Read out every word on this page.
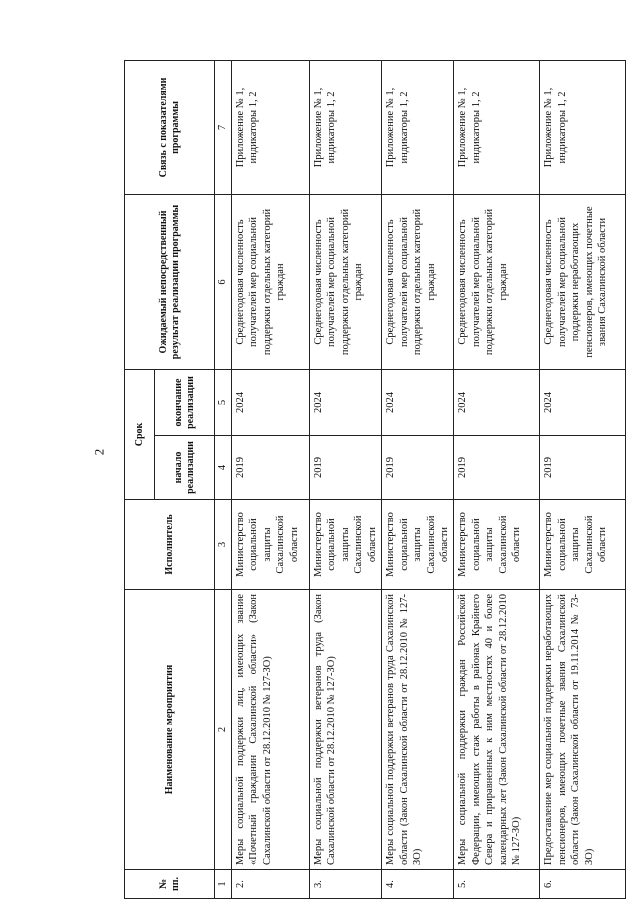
2
№ пп.	Наименование мероприятия	Исполнитель	Срок		Ожидаемый непосредственный результат реализации программы	Связь с показателями программы
			начало реализации	окончание реализации		
1	2	3	4	5	6	7
2.	Меры социальной поддержки лиц, имеющих звание «Почетный гражданин Сахалинской области» (Закон Сахалинской области от 28.12.2010 № 127-ЗО)	Министерство социальной защиты Сахалинской области	2019	2024	Среднегодовая численность получателей мер социальной поддержки отдельных категорий граждан	Приложение № 1, индикаторы 1, 2
3.	Меры социальной поддержки ветеранов труда (Закон Сахалинской области от 28.12.2010 № 127-ЗО)	Министерство социальной защиты Сахалинской области	2019	2024	Среднегодовая численность получателей мер социальной поддержки отдельных категорий граждан	Приложение № 1, индикаторы 1, 2
4.	Меры социальной поддержки ветеранов труда Сахалинской области (Закон Сахалинской области от 28.12.2010 № 127-ЗО)	Министерство социальной защиты Сахалинской области	2019	2024	Среднегодовая численность получателей мер социальной поддержки отдельных категорий граждан	Приложение № 1, индикаторы 1, 2
5.	Меры социальной поддержки граждан Российской Федерации, имеющих стаж работы в районах Крайнего Севера и приравненных к ним местностях 40 и более календарных лет (Закон Сахалинской области от 28.12.2010 № 127-ЗО)	Министерство социальной защиты Сахалинской области	2019	2024	Среднегодовая численность получателей мер социальной поддержки отдельных категорий граждан	Приложение № 1, индикаторы 1, 2
6.	Предоставление мер социальной поддержки неработающих пенсионеров, имеющих почетные звания Сахалинской области (Закон Сахалинской области от 19.11.2014 № 73-ЗО)	Министерство социальной защиты Сахалинской области	2019	2024	Среднегодовая численность получателей мер социальной поддержки неработающих пенсионеров, имеющих почетные звания Сахалинской области	Приложение № 1, индикаторы 1, 2
